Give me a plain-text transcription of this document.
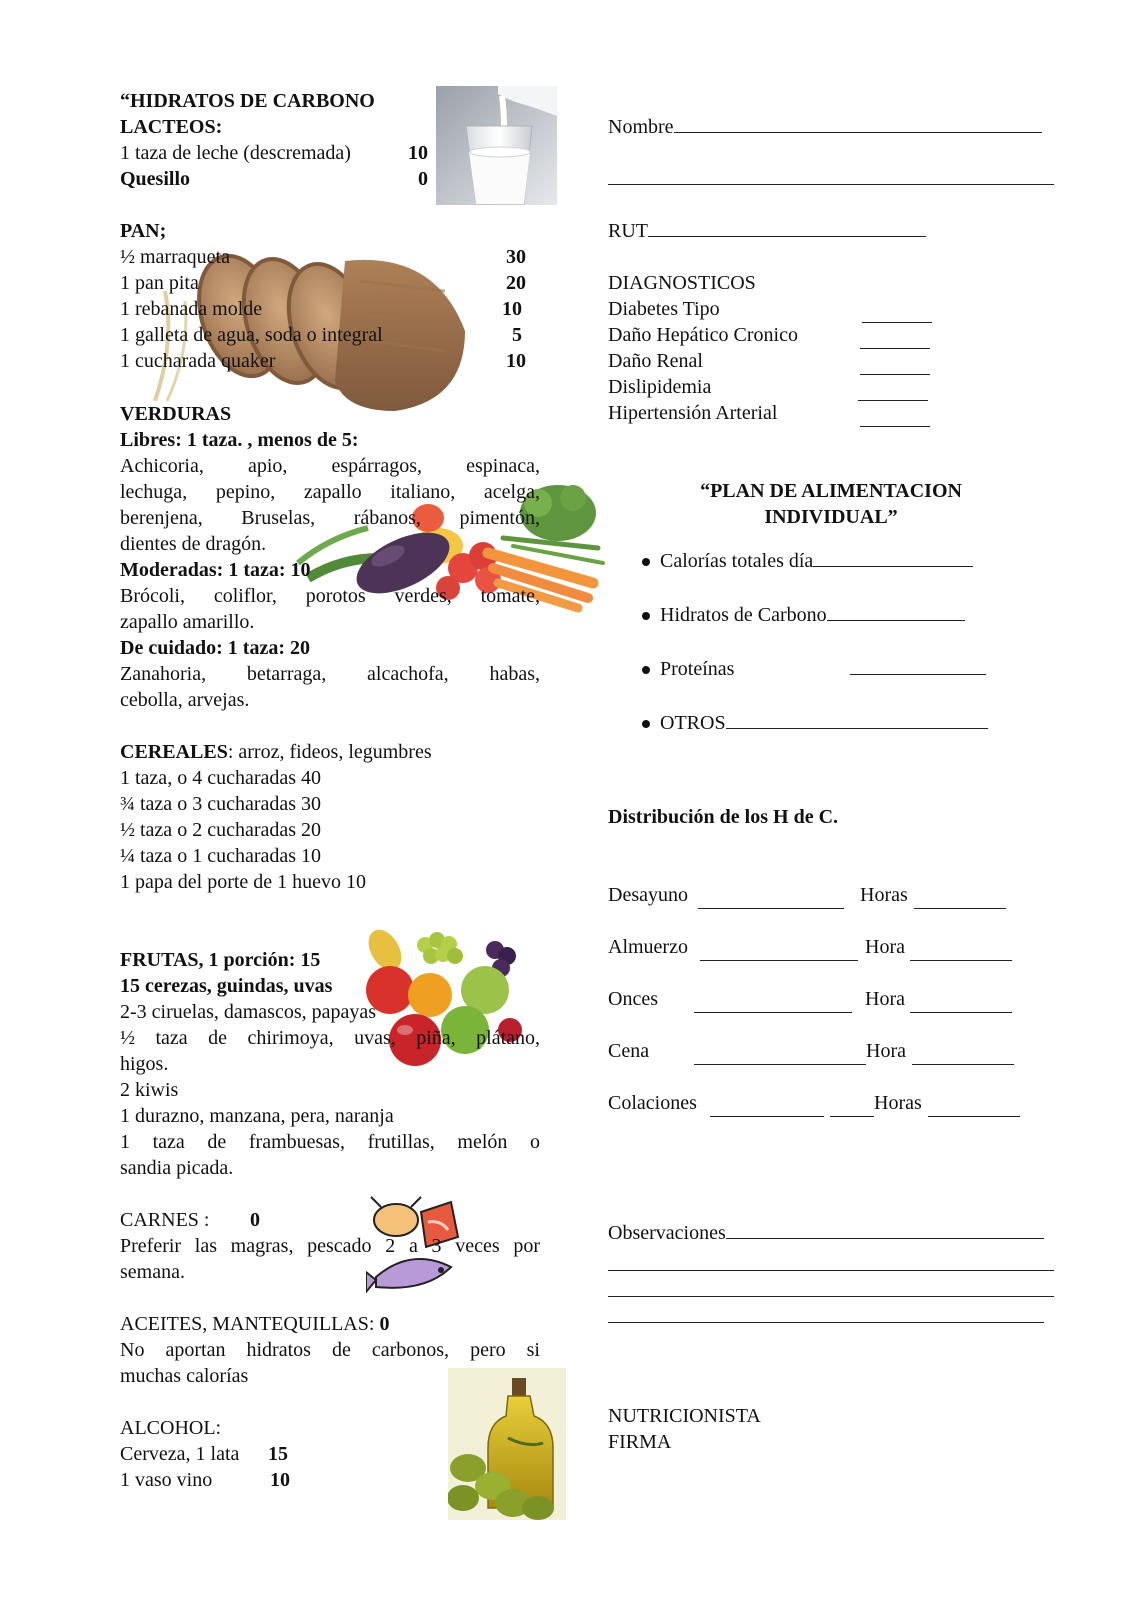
“HIDRATOS DE CARBONO
LACTEOS:
1 taza de leche (descremada)	10
Quesillo	0
PAN;
½ marraqueta	30
1 pan pita	20
1 rebanada molde	10
1 galleta de agua, soda o integral	5
1 cucharada quaker	10
VERDURAS
Libres: 1 taza. , menos de 5:
Achicoria, apio, espárragos, espinaca,
lechuga, pepino, zapallo italiano, acelga,
berenjena, Bruselas, rábanos, pimentón,
dientes de dragón.
Moderadas: 1 taza: 10
Brócoli, coliflor, porotos verdes, tomate,
zapallo amarillo.
De cuidado: 1 taza: 20
Zanahoria, betarraga, alcachofa, habas,
cebolla, arvejas.
CEREALES: arroz, fideos, legumbres
1 taza, o 4 cucharadas 40
¾ taza o 3 cucharadas 30
½ taza o 2 cucharadas 20
¼ taza o 1 cucharadas 10
1 papa del porte de 1 huevo 10
FRUTAS, 1 porción: 15
15 cerezas, guindas, uvas
2-3 ciruelas, damascos, papayas
½ taza de chirimoya, uvas, piña, plátano,
higos.
2 kiwis
1 durazno, manzana, pera, naranja
1 taza de frambuesas, frutillas, melón o
sandia picada.
CARNES : 0
Preferir las magras, pescado 2 a 3 veces por
semana.
ACEITES, MANTEQUILLAS: 0
No aportan hidratos de carbonos, pero si
muchas calorías
ALCOHOL:
Cerveza, 1 lata 15
1 vaso vino	10
Nombre
RUT
DIAGNOSTICOS
Diabetes Tipo
Daño Hepático Cronico
Daño Renal
Dislipidemia
Hipertensión Arterial
“PLAN DE ALIMENTACION
INDIVIDUAL”
Calorías totales día
Hidratos de Carbono
Proteínas
OTROS
Distribución de los H de C.
Desayuno	Horas
Almuerzo	Hora
Onces	Hora
Cena	Hora
Colaciones	Horas
Observaciones
NUTRICIONISTA
FIRMA
